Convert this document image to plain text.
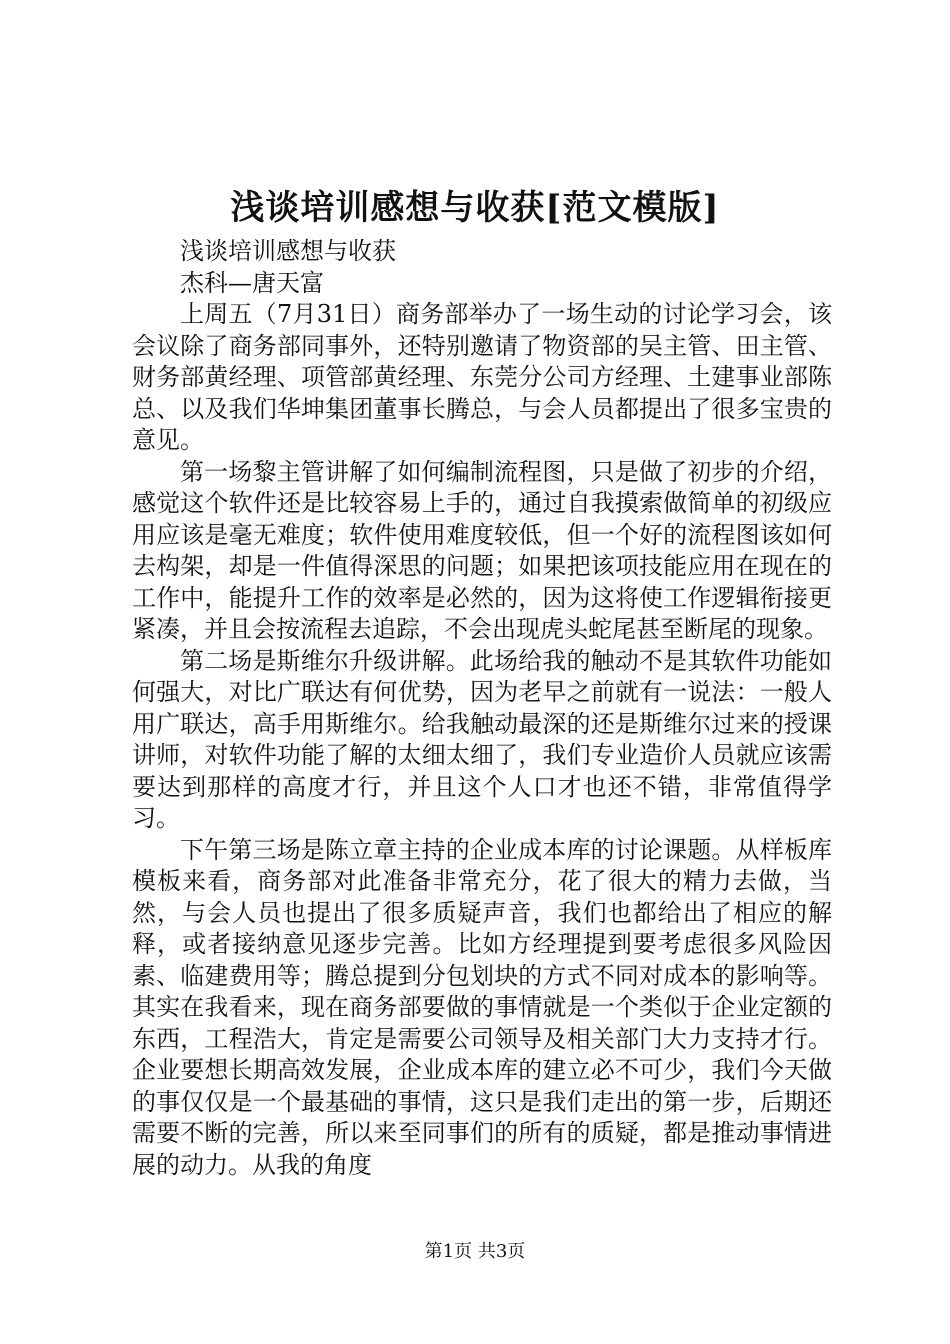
浅谈培训感想与收获[范文模版]

浅谈培训感想与收获

杰科—唐天富

上周五（7月31日）商务部举办了一场生动的讨论学习会，该会议除了商务部同事外，还特别邀请了物资部的吴主管、田主管、财务部黄经理、项管部黄经理、东莞分公司方经理、土建事业部陈总、以及我们华坤集团董事长腾总，与会人员都提出了很多宝贵的意见。

第一场黎主管讲解了如何编制流程图，只是做了初步的介绍，感觉这个软件还是比较容易上手的，通过自我摸索做简单的初级应用应该是毫无难度；软件使用难度较低，但一个好的流程图该如何去构架，却是一件值得深思的问题；如果把该项技能应用在现在的工作中，能提升工作的效率是必然的，因为这将使工作逻辑衔接更紧凑，并且会按流程去追踪，不会出现虎头蛇尾甚至断尾的现象。

第二场是斯维尔升级讲解。此场给我的触动不是其软件功能如何强大，对比广联达有何优势，因为老早之前就有一说法：一般人用广联达，高手用斯维尔。给我触动最深的还是斯维尔过来的授课讲师，对软件功能了解的太细太细了，我们专业造价人员就应该需要达到那样的高度才行，并且这个人口才也还不错，非常值得学习。

下午第三场是陈立章主持的企业成本库的讨论课题。从样板库模板来看，商务部对此准备非常充分，花了很大的精力去做，当然，与会人员也提出了很多质疑声音，我们也都给出了相应的解释，或者接纳意见逐步完善。比如方经理提到要考虑很多风险因素、临建费用等；腾总提到分包划块的方式不同对成本的影响等。其实在我看来，现在商务部要做的事情就是一个类似于企业定额的东西，工程浩大，肯定是需要公司领导及相关部门大力支持才行。企业要想长期高效发展，企业成本库的建立必不可少，我们今天做的事仅仅是一个最基础的事情，这只是我们走出的第一步，后期还需要不断的完善，所以来至同事们的所有的质疑，都是推动事情进展的动力。从我的角度

第1页 共3页
